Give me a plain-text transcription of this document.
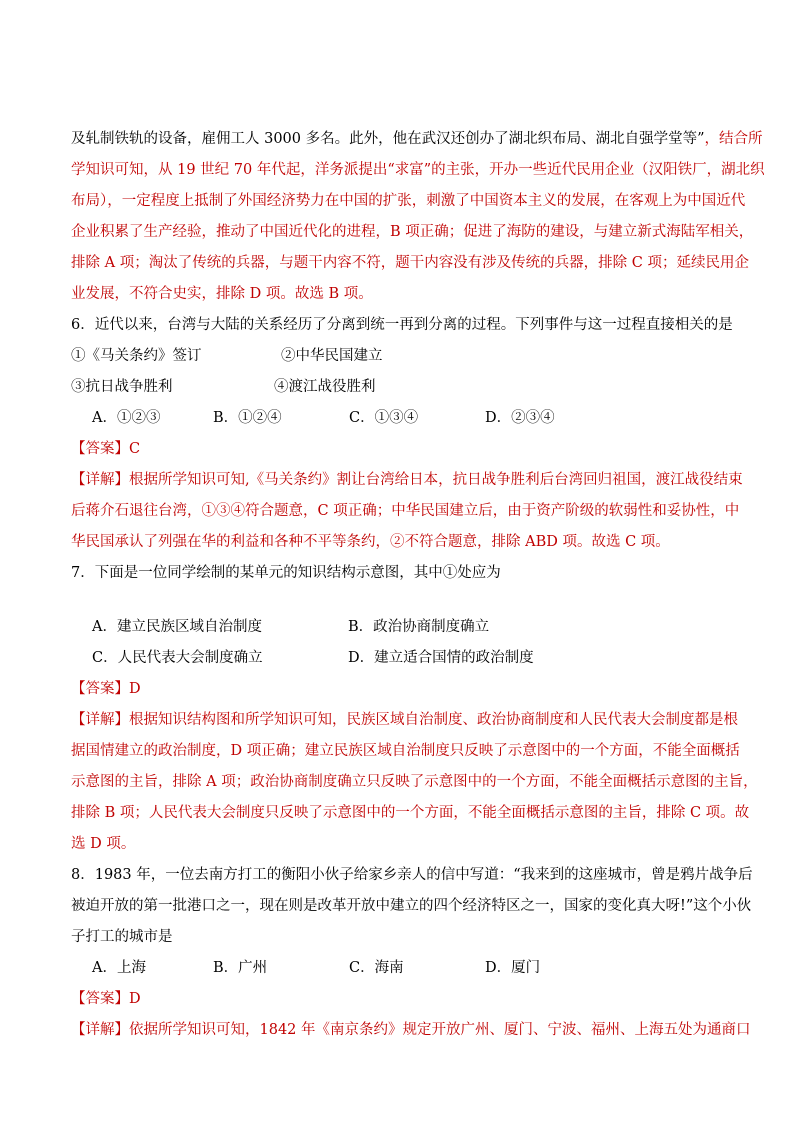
及轧制铁轨的设备，雇佣工人 3000 多名。此外，他在武汉还创办了湖北织布局、湖北自强学堂等”，结合所
学知识可知，从 19 世纪 70 年代起，洋务派提出“求富”的主张，开办一些近代民用企业（汉阳铁厂，湖北织
布局），一定程度上抵制了外国经济势力在中国的扩张，刺激了中国资本主义的发展，在客观上为中国近代
企业积累了生产经验，推动了中国近代化的进程，B 项正确；促进了海防的建设，与建立新式海陆军相关，
排除 A 项；淘汰了传统的兵器，与题干内容不符，题干内容没有涉及传统的兵器，排除 C 项；延续民用企
业发展，不符合史实，排除 D 项。故选 B 项。
6．近代以来，台湾与大陆的关系经历了分离到统一再到分离的过程。下列事件与这一过程直接相关的是
①《马关条约》签订	②中华民国建立
③抗日战争胜利	④渡江战役胜利
A．①②③	B．①②④	C．①③④	D．②③④
【答案】C
【详解】根据所学知识可知,《马关条约》割让台湾给日本，抗日战争胜利后台湾回归祖国，渡江战役结束
后蒋介石退往台湾，①③④符合题意，C 项正确；中华民国建立后，由于资产阶级的软弱性和妥协性，中
华民国承认了列强在华的利益和各种不平等条约，②不符合题意，排除 ABD 项。故选 C 项。
7．下面是一位同学绘制的某单元的知识结构示意图，其中①处应为
A．建立民族区域自治制度	B．政治协商制度确立
C．人民代表大会制度确立	D．建立适合国情的政治制度
【答案】D
【详解】根据知识结构图和所学知识可知，民族区域自治制度、政治协商制度和人民代表大会制度都是根
据国情建立的政治制度，D 项正确；建立民族区域自治制度只反映了示意图中的一个方面，不能全面概括
示意图的主旨，排除 A 项；政治协商制度确立只反映了示意图中的一个方面，不能全面概括示意图的主旨，
排除 B 项；人民代表大会制度只反映了示意图中的一个方面，不能全面概括示意图的主旨，排除 C 项。故
选 D 项。
8．1983 年，一位去南方打工的衡阳小伙子给家乡亲人的信中写道：“我来到的这座城市，曾是鸦片战争后
被迫开放的第一批港口之一，现在则是改革开放中建立的四个经济特区之一，国家的变化真大呀!”这个小伙
子打工的城市是
A．上海	B．广州	C．海南	D．厦门
【答案】D
【详解】依据所学知识可知，1842 年《南京条约》规定开放广州、厦门、宁波、福州、上海五处为通商口
